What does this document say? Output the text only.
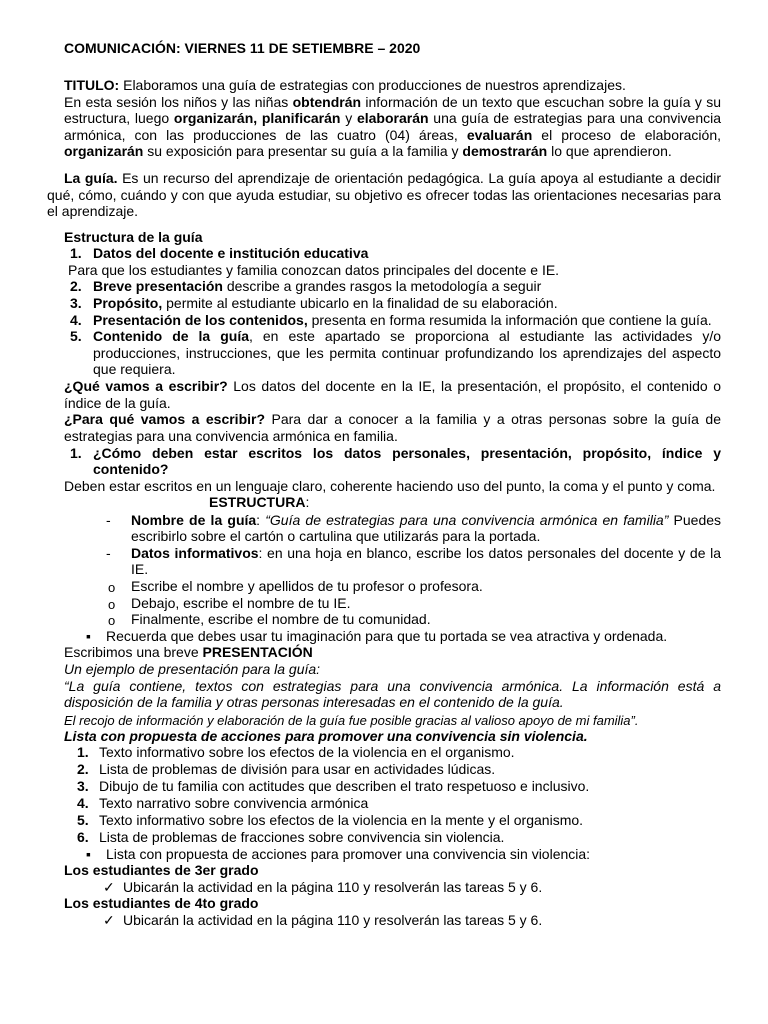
COMUNICACIÓN: VIERNES 11 DE SETIEMBRE – 2020
TITULO: Elaboramos una guía de estrategias con producciones de nuestros aprendizajes.
En esta sesión los niños y las niñas obtendrán información de un texto que escuchan sobre la guía y su
estructura, luego organizarán, planificarán y elaborarán una guía de estrategias para una convivencia
armónica, con las producciones de las cuatro (04) áreas, evaluarán el proceso de elaboración,
organizarán su exposición para presentar su guía a la familia y demostrarán lo que aprendieron.
La guía. Es un recurso del aprendizaje de orientación pedagógica. La guía apoya al estudiante a decidir
qué, cómo, cuándo y con que ayuda estudiar, su objetivo es ofrecer todas las orientaciones necesarias para
el aprendizaje.
Estructura de la guía
1. Datos del docente e institución educativa
Para que los estudiantes y familia conozcan datos principales del docente e IE.
2. Breve presentación describe a grandes rasgos la metodología a seguir
3. Propósito, permite al estudiante ubicarlo en la finalidad de su elaboración.
4. Presentación de los contenidos, presenta en forma resumida la información que contiene la guía.
5. Contenido de la guía, en este apartado se proporciona al estudiante las actividades y/o
producciones, instrucciones, que les permita continuar profundizando los aprendizajes del aspecto
que requiera.
¿Qué vamos a escribir? Los datos del docente en la IE, la presentación, el propósito, el contenido o
índice de la guía.
¿Para qué vamos a escribir? Para dar a conocer a la familia y a otras personas sobre la guía de
estrategias para una convivencia armónica en familia.
1. ¿Cómo deben estar escritos los datos personales, presentación, propósito, índice y
contenido?
Deben estar escritos en un lenguaje claro, coherente haciendo uso del punto, la coma y el punto y coma.
ESTRUCTURA:
- Nombre de la guía: “Guía de estrategias para una convivencia armónica en familia” Puedes
escribirlo sobre el cartón o cartulina que utilizarás para la portada.
- Datos informativos: en una hoja en blanco, escribe los datos personales del docente y de la
IE.
o Escribe el nombre y apellidos de tu profesor o profesora.
o Debajo, escribe el nombre de tu IE.
o Finalmente, escribe el nombre de tu comunidad.
▪ Recuerda que debes usar tu imaginación para que tu portada se vea atractiva y ordenada.
Escribimos una breve PRESENTACIÓN
Un ejemplo de presentación para la guía:
“La guía contiene, textos con estrategias para una convivencia armónica. La información está a
disposición de la familia y otras personas interesadas en el contenido de la guía.
El recojo de información y elaboración de la guía fue posible gracias al valioso apoyo de mi familia”.
Lista con propuesta de acciones para promover una convivencia sin violencia.
1. Texto informativo sobre los efectos de la violencia en el organismo.
2. Lista de problemas de división para usar en actividades lúdicas.
3. Dibujo de tu familia con actitudes que describen el trato respetuoso e inclusivo.
4. Texto narrativo sobre convivencia armónica
5. Texto informativo sobre los efectos de la violencia en la mente y el organismo.
6. Lista de problemas de fracciones sobre convivencia sin violencia.
▪ Lista con propuesta de acciones para promover una convivencia sin violencia:
Los estudiantes de 3er grado
✓ Ubicarán la actividad en la página 110 y resolverán las tareas 5 y 6.
Los estudiantes de 4to grado
✓ Ubicarán la actividad en la página 110 y resolverán las tareas 5 y 6.
